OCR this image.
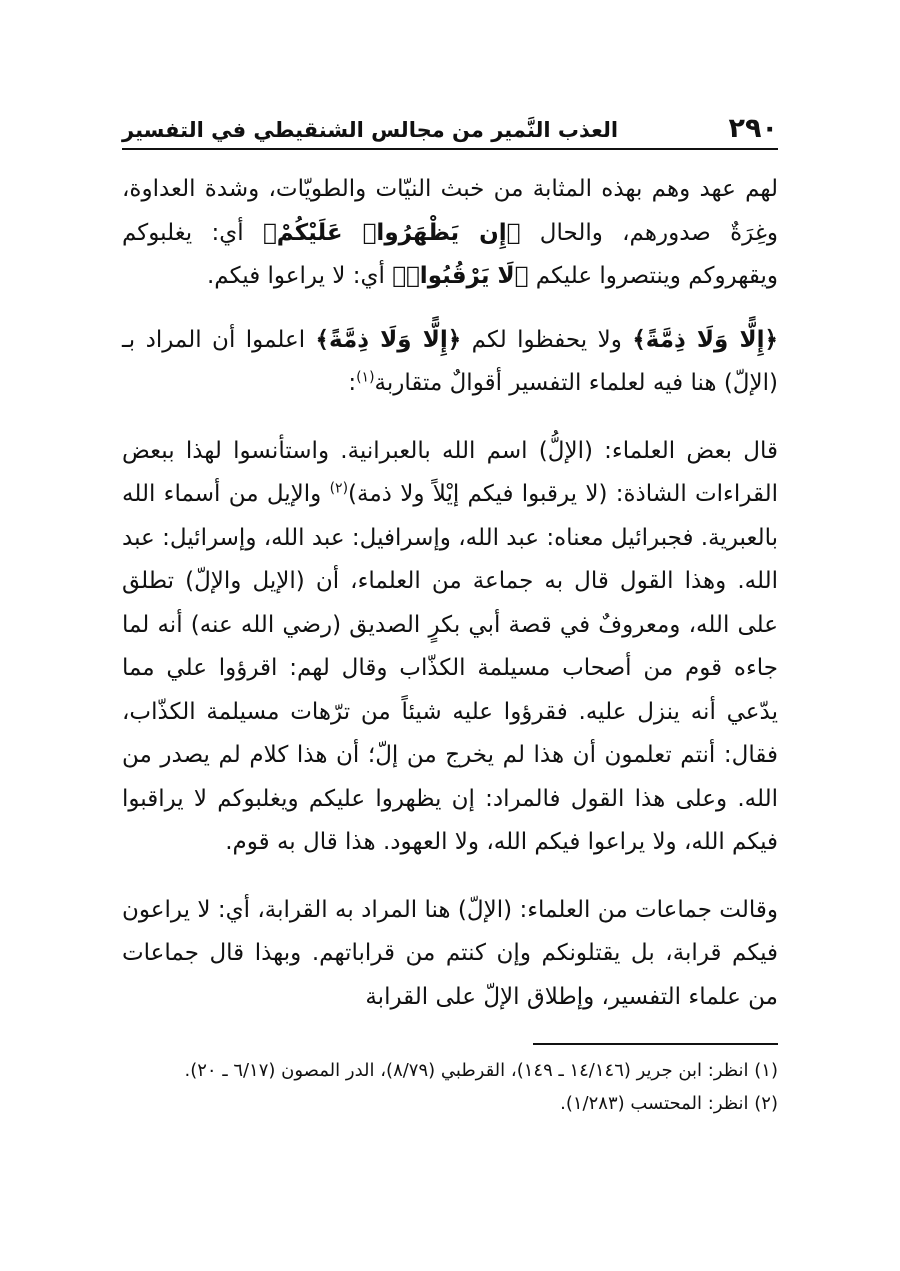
٢٩٠
العذب النَّمير من مجالس الشنقيطي في التفسير

لهم عهد وهم بهذه المثابة من خبث النيّات والطويّات، وشدة العداوة، وغِرَةٌ صدورهم، والحال ﴿إِن يَظْهَرُوا۟ عَلَيْكُمْ﴾ أي: يغلبوكم ويقهروكم وينتصروا عليكم ﴿لَا يَرْقُبُوا۟﴾ أي: لا يراعوا فيكم.

﴿إِلًّا وَلَا ذِمَّةً﴾ ولا يحفظوا لكم ﴿إِلًّا وَلَا ذِمَّةً﴾ اعلموا أن المراد بـ (الإلّ) هنا فيه لعلماء التفسير أقوالٌ متقاربة$^{(١)}$:

قال بعض العلماء: (الإلُّ) اسم الله بالعبرانية. واستأنسوا لهذا ببعض القراءات الشاذة: (لا يرقبوا فيكم إيْلاً ولا ذمة)$^{(٢)}$ والإيل من أسماء الله بالعبرية. فجبرائيل معناه: عبد الله، وإسرافيل: عبد الله، وإسرائيل: عبد الله. وهذا القول قال به جماعة من العلماء، أن (الإيل والإلّ) تطلق على الله، ومعروفٌ في قصة أبي بكرٍ الصديق (رضي الله عنه) أنه لما جاءه قوم من أصحاب مسيلمة الكذّاب وقال لهم: اقرؤوا علي مما يدّعي أنه ينزل عليه. فقرؤوا عليه شيئاً من ترّهات مسيلمة الكذّاب، فقال: أنتم تعلمون أن هذا لم يخرج من إلّ؛ أن هذا كلام لم يصدر من الله. وعلى هذا القول فالمراد: إن يظهروا عليكم ويغلبوكم لا يراقبوا فيكم الله، ولا يراعوا فيكم الله، ولا العهود. هذا قال به قوم.

وقالت جماعات من العلماء: (الإلّ) هنا المراد به القرابة، أي: لا يراعون فيكم قرابة، بل يقتلونكم وإن كنتم من قراباتهم. وبهذا قال جماعات من علماء التفسير، وإطلاق الإلّ على القرابة

(١) انظر: ابن جرير (١٤/١٤٦ ـ ١٤٩)، القرطبي (٨/٧٩)، الدر المصون (٦/١٧ ـ ٢٠).

(٢) انظر: المحتسب (١/٢٨٣).
